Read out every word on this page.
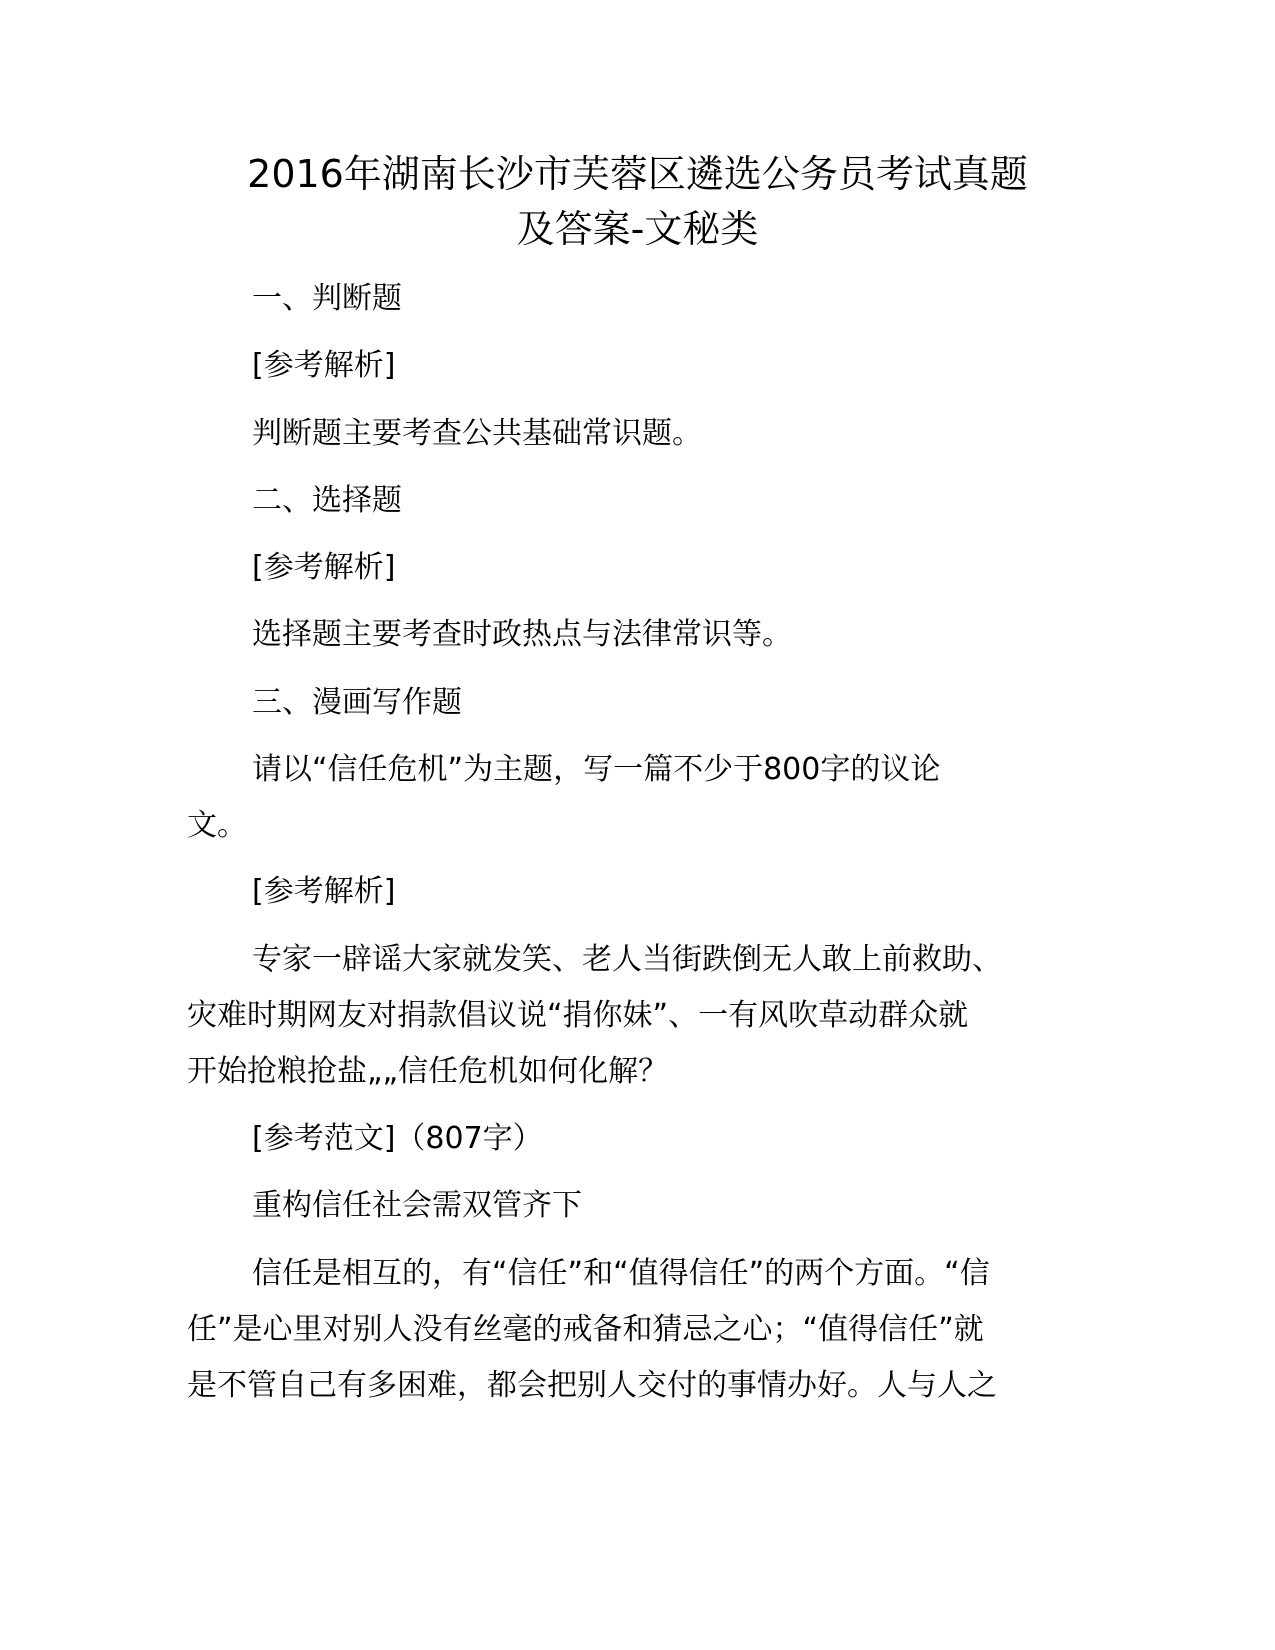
2016年湖南长沙市芙蓉区遴选公务员考试真题
及答案-文秘类
一、判断题
[参考解析]
判断题主要考查公共基础常识题。
二、选择题
[参考解析]
选择题主要考查时政热点与法律常识等。
三、漫画写作题
请以“信任危机”为主题，写一篇不少于800字的议论
文。
[参考解析]
专家一辟谣大家就发笑、老人当街跌倒无人敢上前救助、
灾难时期网友对捐款倡议说“捐你妹”、一有风吹草动群众就
开始抢粮抢盐„„信任危机如何化解？
[参考范文]（807字）
重构信任社会需双管齐下
信任是相互的，有“信任”和“值得信任”的两个方面。“信
任”是心里对别人没有丝毫的戒备和猜忌之心；“值得信任”就
是不管自己有多困难，都会把别人交付的事情办好。人与人之
